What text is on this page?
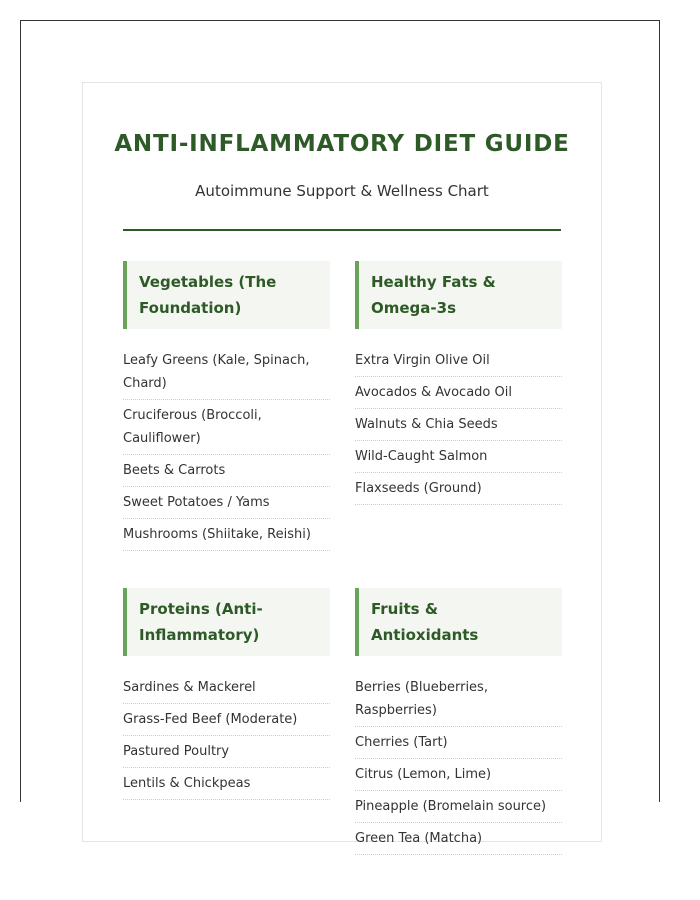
ANTI-INFLAMMATORY DIET GUIDE

Autoimmune Support & Wellness Chart

Vegetables (The Foundation)
Leafy Greens (Kale, Spinach, Chard)
Cruciferous (Broccoli, Cauliflower)
Beets & Carrots
Sweet Potatoes / Yams
Mushrooms (Shiitake, Reishi)
Healthy Fats & Omega-3s
Extra Virgin Olive Oil
Avocados & Avocado Oil
Walnuts & Chia Seeds
Wild-Caught Salmon
Flaxseeds (Ground)
Proteins (Anti-Inflammatory)
Sardines & Mackerel
Grass-Fed Beef (Moderate)
Pastured Poultry
Lentils & Chickpeas
Fruits & Antioxidants
Berries (Blueberries, Raspberries)
Cherries (Tart)
Citrus (Lemon, Lime)
Pineapple (Bromelain source)
Green Tea (Matcha)
